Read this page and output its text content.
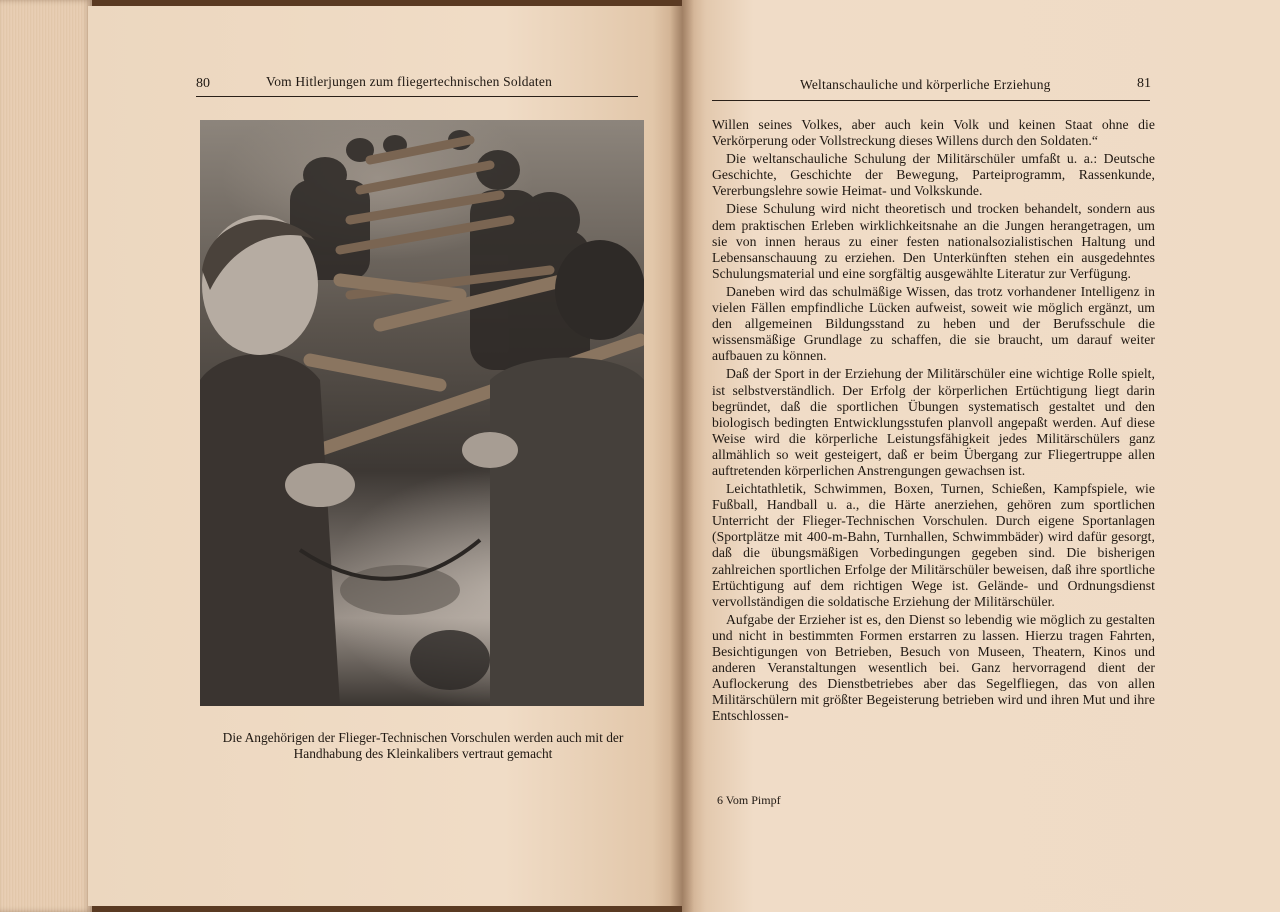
80	Vom Hitlerjungen zum fliegertechnischen Soldaten
Die Angehörigen der Flieger-Technischen Vorschulen werden auch mit der Handhabung des Kleinkalibers vertraut gemacht
Weltanschauliche und körperliche Erziehung	81

Willen seines Volkes, aber auch kein Volk und keinen Staat ohne die Verkörperung oder Vollstreckung dieses Willens durch den Soldaten.“

Die weltanschauliche Schulung der Militärschüler umfaßt u. a.: Deutsche Geschichte, Geschichte der Bewegung, Parteiprogramm, Rassenkunde, Vererbungslehre sowie Heimat- und Volkskunde.

Diese Schulung wird nicht theoretisch und trocken behandelt, sondern aus dem praktischen Erleben wirklichkeitsnahe an die Jungen herangetragen, um sie von innen heraus zu einer festen nationalsozialistischen Haltung und Lebensanschauung zu erziehen. Den Unterkünften stehen ein ausgedehntes Schulungsmaterial und eine sorgfältig ausgewählte Literatur zur Verfügung.

Daneben wird das schulmäßige Wissen, das trotz vorhandener Intelligenz in vielen Fällen empfindliche Lücken aufweist, soweit wie möglich ergänzt, um den allgemeinen Bildungsstand zu heben und der Berufsschule die wissensmäßige Grundlage zu schaffen, die sie braucht, um darauf weiter aufbauen zu können.

Daß der Sport in der Erziehung der Militärschüler eine wichtige Rolle spielt, ist selbstverständlich. Der Erfolg der körperlichen Ertüchtigung liegt darin begründet, daß die sportlichen Übungen systematisch gestaltet und den biologisch bedingten Entwicklungsstufen planvoll angepaßt werden. Auf diese Weise wird die körperliche Leistungsfähigkeit jedes Militärschülers ganz allmählich so weit gesteigert, daß er beim Übergang zur Fliegertruppe allen auftretenden körperlichen Anstrengungen gewachsen ist.

Leichtathletik, Schwimmen, Boxen, Turnen, Schießen, Kampfspiele, wie Fußball, Handball u. a., die Härte anerziehen, gehören zum sportlichen Unterricht der Flieger-Technischen Vorschulen. Durch eigene Sportanlagen (Sportplätze mit 400-m-Bahn, Turnhallen, Schwimmbäder) wird dafür gesorgt, daß die übungsmäßigen Vorbedingungen gegeben sind. Die bisherigen zahlreichen sportlichen Erfolge der Militärschüler beweisen, daß ihre sportliche Ertüchtigung auf dem richtigen Wege ist. Gelände- und Ordnungsdienst vervollständigen die soldatische Erziehung der Militärschüler.

Aufgabe der Erzieher ist es, den Dienst so lebendig wie möglich zu gestalten und nicht in bestimmten Formen erstarren zu lassen. Hierzu tragen Fahrten, Besichtigungen von Betrieben, Besuch von Museen, Theatern, Kinos und anderen Veranstaltungen wesentlich bei. Ganz hervorragend dient der Auflockerung des Dienstbetriebes aber das Segelfliegen, das von allen Militärschülern mit größter Begeisterung betrieben wird und ihren Mut und ihre Entschlossen-

6 Vom Pimpf
